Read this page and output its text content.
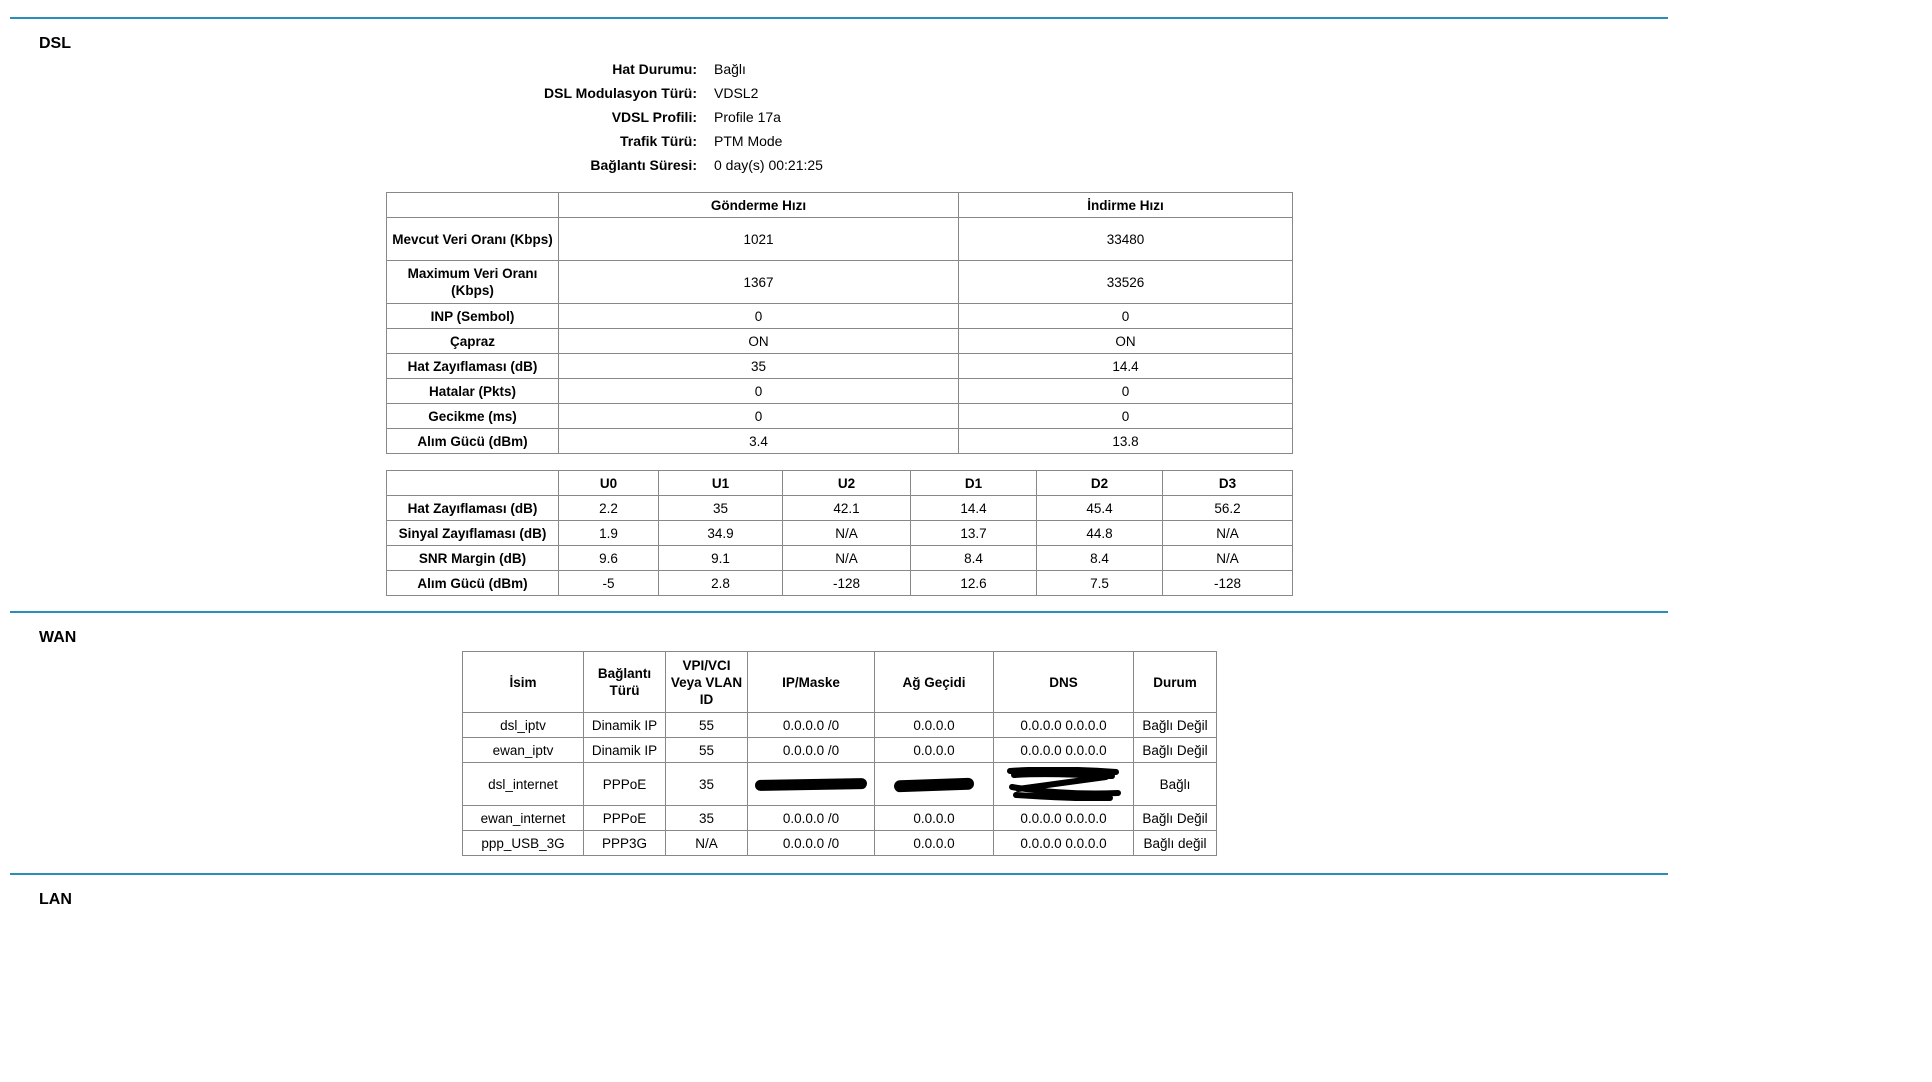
DSL
Hat Durumu: Bağlı
DSL Modulasyon Türü: VDSL2
VDSL Profili: Profile 17a
Trafik Türü: PTM Mode
Bağlantı Süresi: 0 day(s) 00:21:25
	Gönderme Hızı	İndirme Hızı
Mevcut Veri Oranı (Kbps)	1021	33480
Maximum Veri Oranı (Kbps)	1367	33526
INP (Sembol)	0	0
Çapraz	ON	ON
Hat Zayıflaması (dB)	35	14.4
Hatalar (Pkts)	0	0
Gecikme (ms)	0	0
Alım Gücü (dBm)	3.4	13.8
	U0	U1	U2	D1	D2	D3
Hat Zayıflaması (dB)	2.2	35	42.1	14.4	45.4	56.2
Sinyal Zayıflaması (dB)	1.9	34.9	N/A	13.7	44.8	N/A
SNR Margin (dB)	9.6	9.1	N/A	8.4	8.4	N/A
Alım Gücü (dBm)	-5	2.8	-128	12.6	7.5	-128
WAN
İsim	Bağlantı Türü	VPI/VCI Veya VLAN ID	IP/Maske	Ağ Geçidi	DNS	Durum
dsl_iptv	Dinamik IP	55	0.0.0.0 /0	0.0.0.0	0.0.0.0 0.0.0.0	Bağlı Değil
ewan_iptv	Dinamik IP	55	0.0.0.0 /0	0.0.0.0	0.0.0.0 0.0.0.0	Bağlı Değil
dsl_internet	PPPoE	35				Bağlı
ewan_internet	PPPoE	35	0.0.0.0 /0	0.0.0.0	0.0.0.0 0.0.0.0	Bağlı Değil
ppp_USB_3G	PPP3G	N/A	0.0.0.0 /0	0.0.0.0	0.0.0.0 0.0.0.0	Bağlı değil
LAN
